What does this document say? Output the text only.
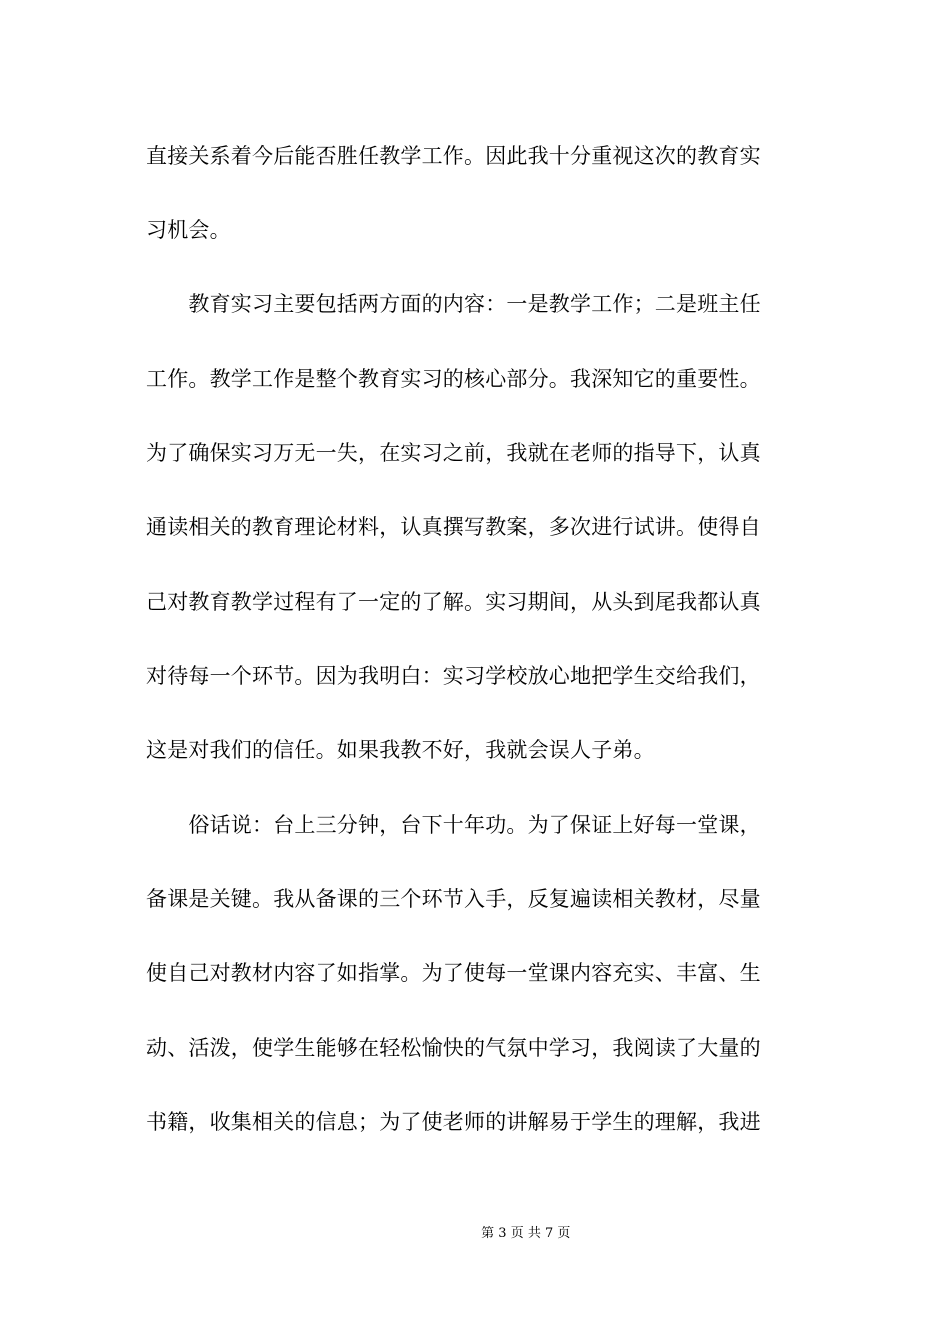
直接关系着今后能否胜任教学工作。因此我十分重视这次的教育实
习机会。
　　教育实习主要包括两方面的内容：一是教学工作；二是班主任
工作。教学工作是整个教育实习的核心部分。我深知它的重要性。
为了确保实习万无一失，在实习之前，我就在老师的指导下，认真
通读相关的教育理论材料，认真撰写教案，多次进行试讲。使得自
己对教育教学过程有了一定的了解。实习期间，从头到尾我都认真
对待每一个环节。因为我明白：实习学校放心地把学生交给我们，
这是对我们的信任。如果我教不好，我就会误人子弟。
　　俗话说：台上三分钟，台下十年功。为了保证上好每一堂课，
备课是关键。我从备课的三个环节入手，反复遍读相关教材，尽量
使自己对教材内容了如指掌。为了使每一堂课内容充实、丰富、生
动、活泼，使学生能够在轻松愉快的气氛中学习，我阅读了大量的
书籍，收集相关的信息；为了使老师的讲解易于学生的理解，我进

第 3 页 共 7 页
